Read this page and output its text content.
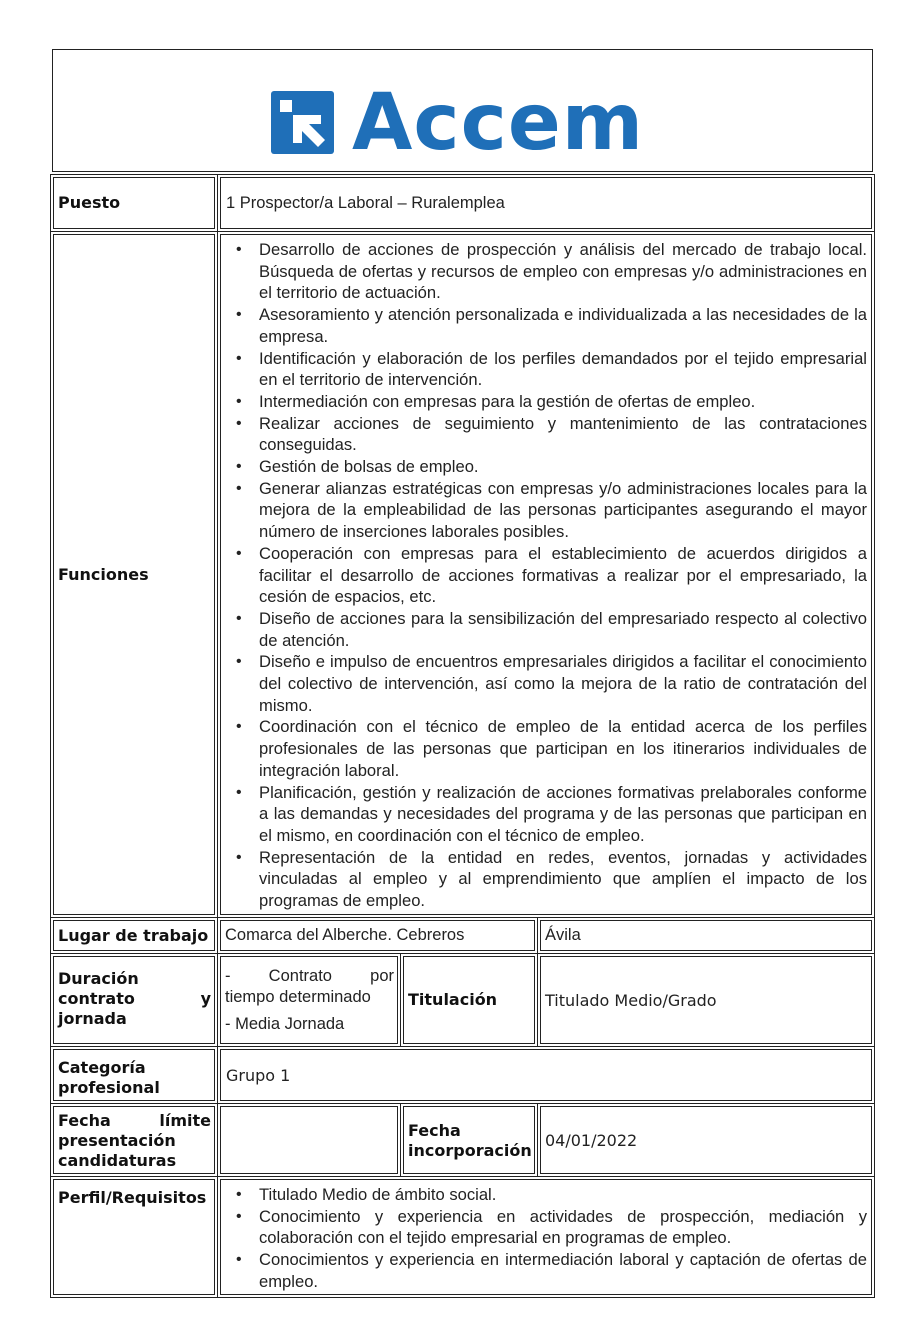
Accem
Puesto	1 Prospector/a Laboral – Ruralemplea
Funciones
• Desarrollo de acciones de prospección y análisis del mercado de trabajo local. Búsqueda de ofertas y recursos de empleo con empresas y/o administraciones en el territorio de actuación.
• Asesoramiento y atención personalizada e individualizada a las necesidades de la empresa.
• Identificación y elaboración de los perfiles demandados por el tejido empresarial en el territorio de intervención.
• Intermediación con empresas para la gestión de ofertas de empleo.
• Realizar acciones de seguimiento y mantenimiento de las contrataciones conseguidas.
• Gestión de bolsas de empleo.
• Generar alianzas estratégicas con empresas y/o administraciones locales para la mejora de la empleabilidad de las personas participantes asegurando el mayor número de inserciones laborales posibles.
• Cooperación con empresas para el establecimiento de acuerdos dirigidos a facilitar el desarrollo de acciones formativas a realizar por el empresariado, la cesión de espacios, etc.
• Diseño de acciones para la sensibilización del empresariado respecto al colectivo de atención.
• Diseño e impulso de encuentros empresariales dirigidos a facilitar el conocimiento del colectivo de intervención, así como la mejora de la ratio de contratación del mismo.
• Coordinación con el técnico de empleo de la entidad acerca de los perfiles profesionales de las personas que participan en los itinerarios individuales de integración laboral.
• Planificación, gestión y realización de acciones formativas prelaborales conforme a las demandas y necesidades del programa y de las personas que participan en el mismo, en coordinación con el técnico de empleo.
• Representación de la entidad en redes, eventos, jornadas y actividades vinculadas al empleo y al emprendimiento que amplíen el impacto de los programas de empleo.
Lugar de trabajo Comarca del Alberche. Cebreros	Ávila
Duración
contrato	y
jornada
- Contrato por
tiempo determinado
- Media Jornada
Titulación	Titulado Medio/Grado
Categoría
profesional
Grupo 1
Fecha	límite
presentación
candidaturas
Fecha
incorporación
04/01/2022
Perfil/Requisitos
•	Titulado Medio de ámbito social.
• Conocimiento y experiencia en actividades de prospección, mediación y colaboración con el tejido empresarial en programas de empleo.
• Conocimientos y experiencia en intermediación laboral y captación de ofertas de empleo.
